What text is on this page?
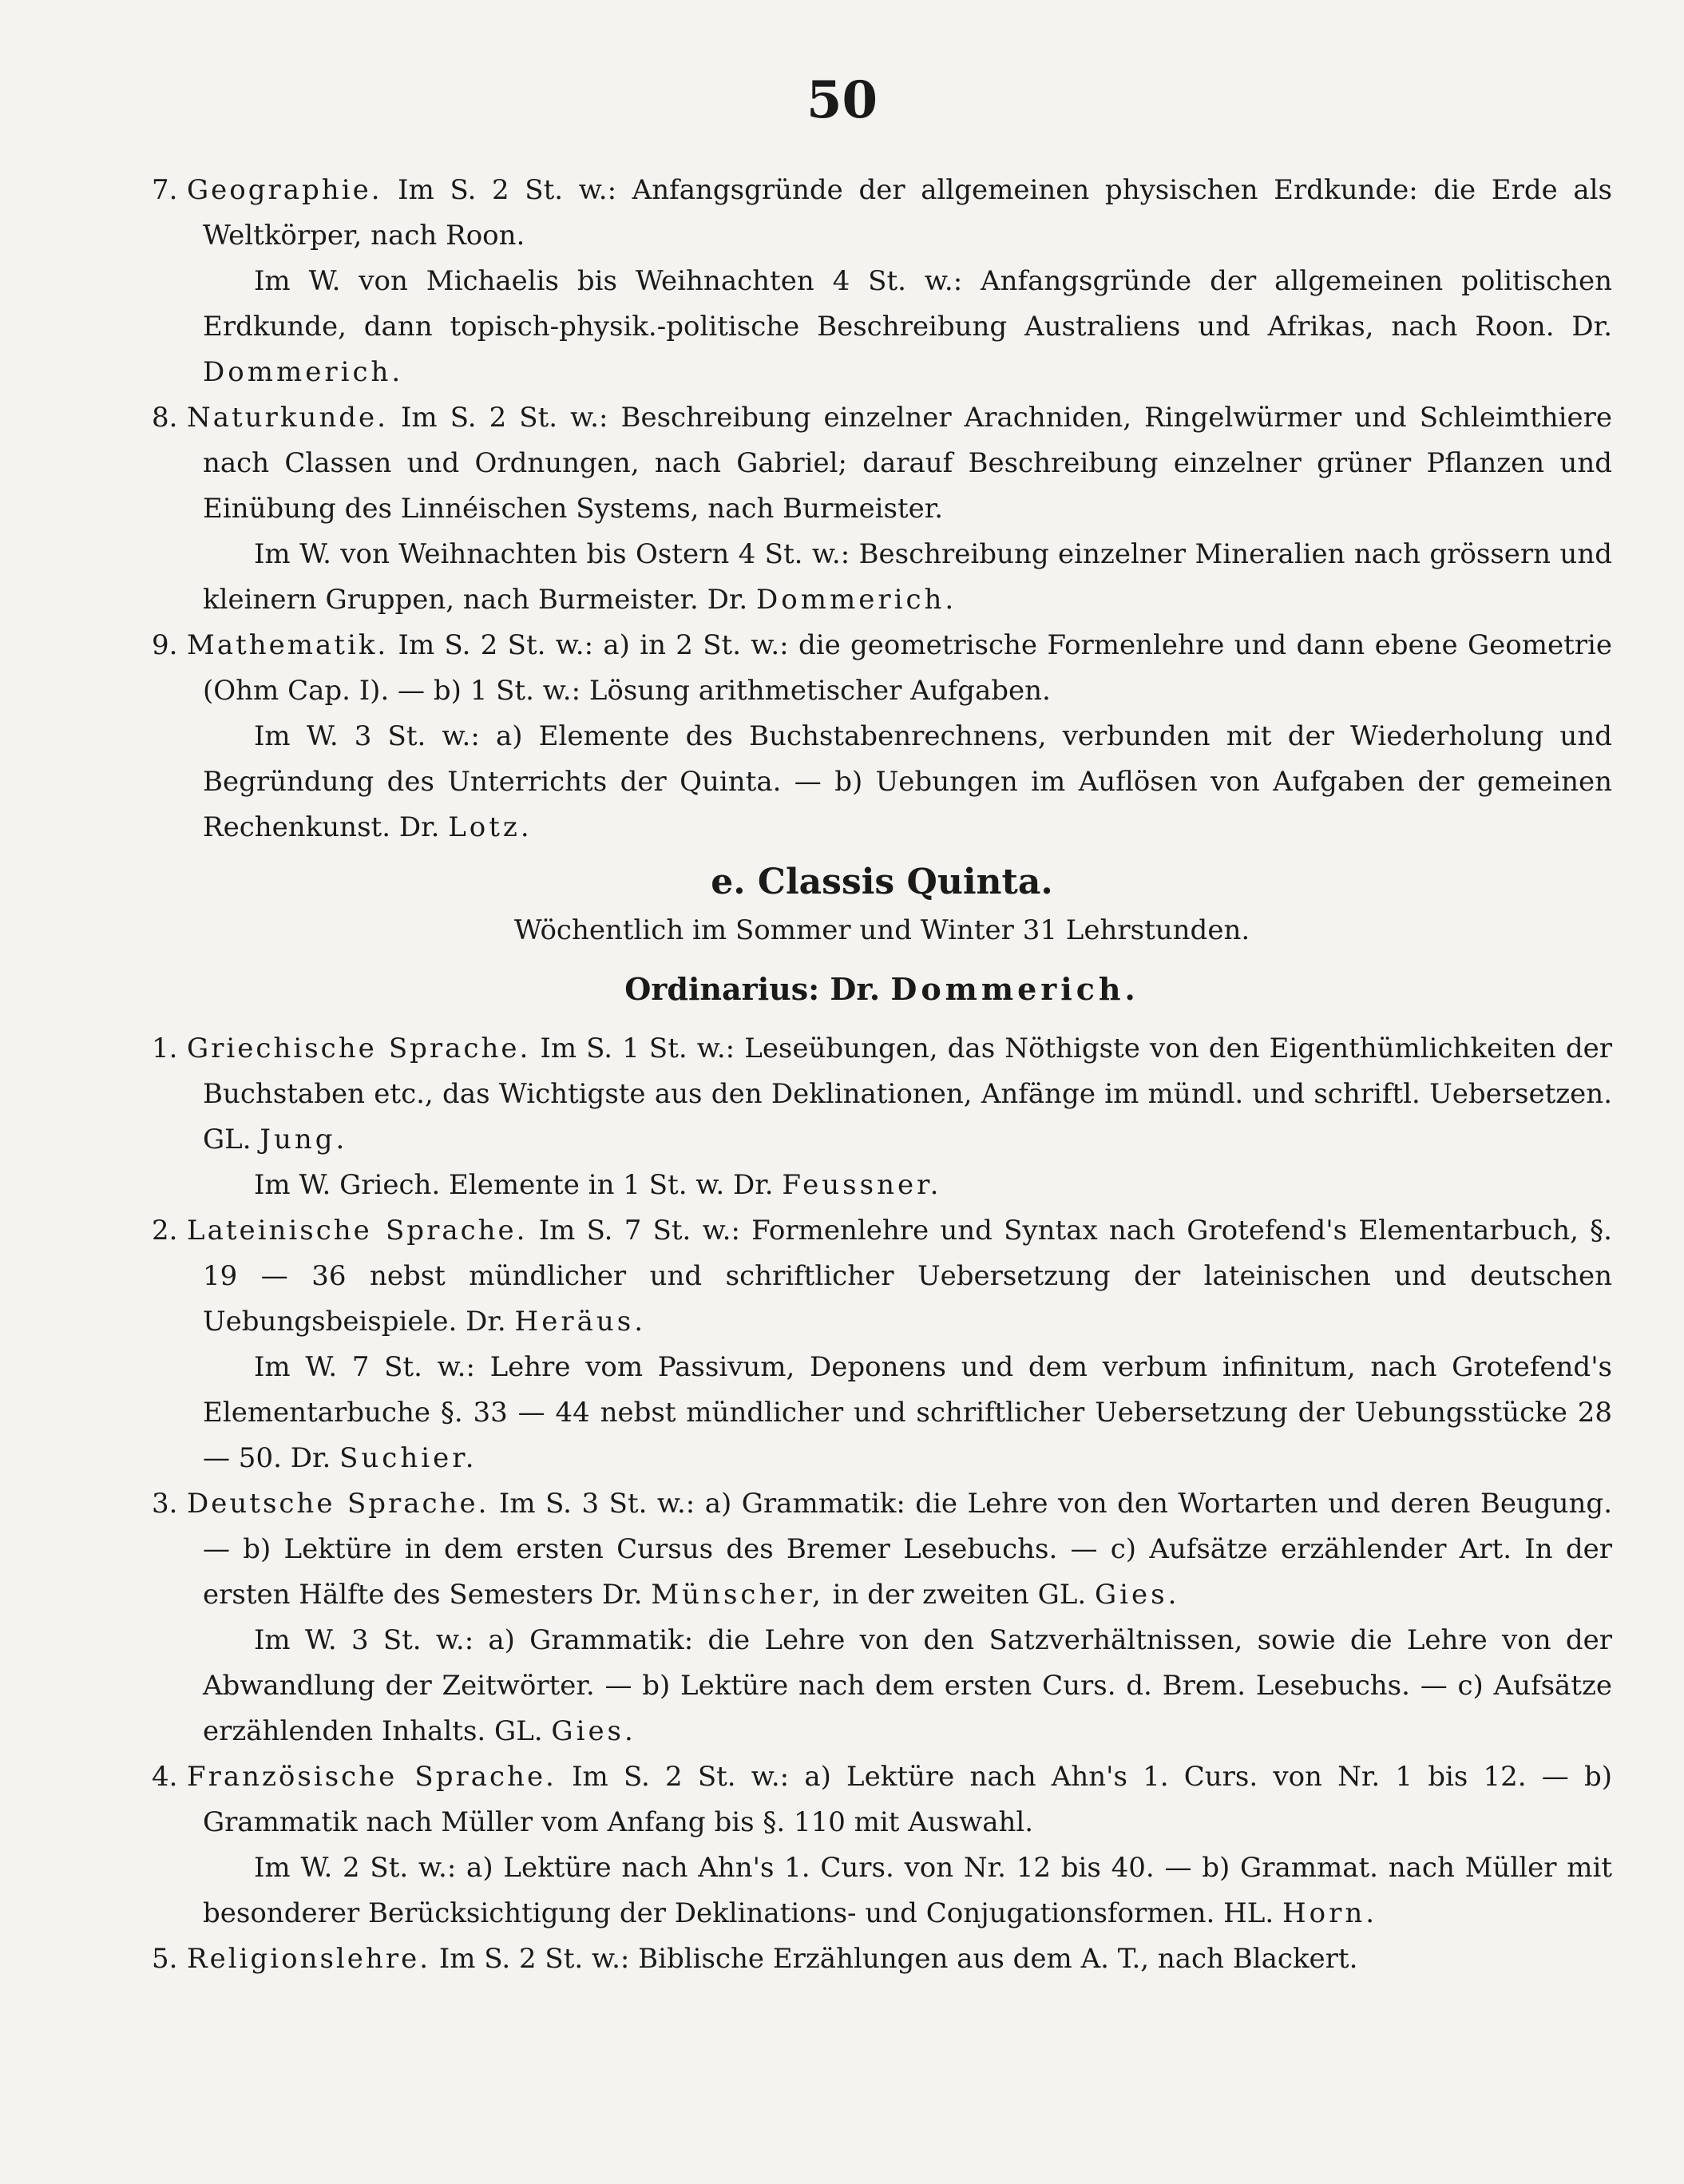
50

7. Geographie. Im S. 2 St. w.: Anfangsgründe der allgemeinen physischen Erdkunde: die Erde als Weltkörper, nach Roon.

Im W. von Michaelis bis Weihnachten 4 St. w.: Anfangsgründe der allgemeinen politischen Erdkunde, dann topisch-physik.-politische Beschreibung Australiens und Afrikas, nach Roon. Dr. Dommerich.

8. Naturkunde. Im S. 2 St. w.: Beschreibung einzelner Arachniden, Ringelwürmer und Schleimthiere nach Classen und Ordnungen, nach Gabriel; darauf Beschreibung einzelner grüner Pflanzen und Einübung des Linnéischen Systems, nach Burmeister.

Im W. von Weihnachten bis Ostern 4 St. w.: Beschreibung einzelner Mineralien nach grössern und kleinern Gruppen, nach Burmeister. Dr. Dommerich.

9. Mathematik. Im S. 2 St. w.: a) in 2 St. w.: die geometrische Formenlehre und dann ebene Geometrie (Ohm Cap. I). — b) 1 St. w.: Lösung arithmetischer Aufgaben.

Im W. 3 St. w.: a) Elemente des Buchstabenrechnens, verbunden mit der Wiederholung und Begründung des Unterrichts der Quinta. — b) Uebungen im Auflösen von Aufgaben der gemeinen Rechenkunst. Dr. Lotz.

e. Classis Quinta.
Wöchentlich im Sommer und Winter 31 Lehrstunden.
Ordinarius: Dr. Dommerich.

1. Griechische Sprache. Im S. 1 St. w.: Leseübungen, das Nöthigste von den Eigenthümlichkeiten der Buchstaben etc., das Wichtigste aus den Deklinationen, Anfänge im mündl. und schriftl. Uebersetzen. GL. Jung.

Im W. Griech. Elemente in 1 St. w. Dr. Feussner.

2. Lateinische Sprache. Im S. 7 St. w.: Formenlehre und Syntax nach Grotefend's Elementarbuch, §. 19 — 36 nebst mündlicher und schriftlicher Uebersetzung der lateinischen und deutschen Uebungsbeispiele. Dr. Heräus.

Im W. 7 St. w.: Lehre vom Passivum, Deponens und dem verbum infinitum, nach Grotefend's Elementarbuche §. 33 — 44 nebst mündlicher und schriftlicher Uebersetzung der Uebungsstücke 28 — 50. Dr. Suchier.

3. Deutsche Sprache. Im S. 3 St. w.: a) Grammatik: die Lehre von den Wortarten und deren Beugung. — b) Lektüre in dem ersten Cursus des Bremer Lesebuchs. — c) Aufsätze erzählender Art. In der ersten Hälfte des Semesters Dr. Münscher, in der zweiten GL. Gies.

Im W. 3 St. w.: a) Grammatik: die Lehre von den Satzverhältnissen, sowie die Lehre von der Abwandlung der Zeitwörter. — b) Lektüre nach dem ersten Curs. d. Brem. Lesebuchs. — c) Aufsätze erzählenden Inhalts. GL. Gies.

4. Französische Sprache. Im S. 2 St. w.: a) Lektüre nach Ahn's 1. Curs. von Nr. 1 bis 12. — b) Grammatik nach Müller vom Anfang bis §. 110 mit Auswahl.

Im W. 2 St. w.: a) Lektüre nach Ahn's 1. Curs. von Nr. 12 bis 40. — b) Grammat. nach Müller mit besonderer Berücksichtigung der Deklinations- und Conjugationsformen. HL. Horn.

5. Religionslehre. Im S. 2 St. w.: Biblische Erzählungen aus dem A. T., nach Blackert.
